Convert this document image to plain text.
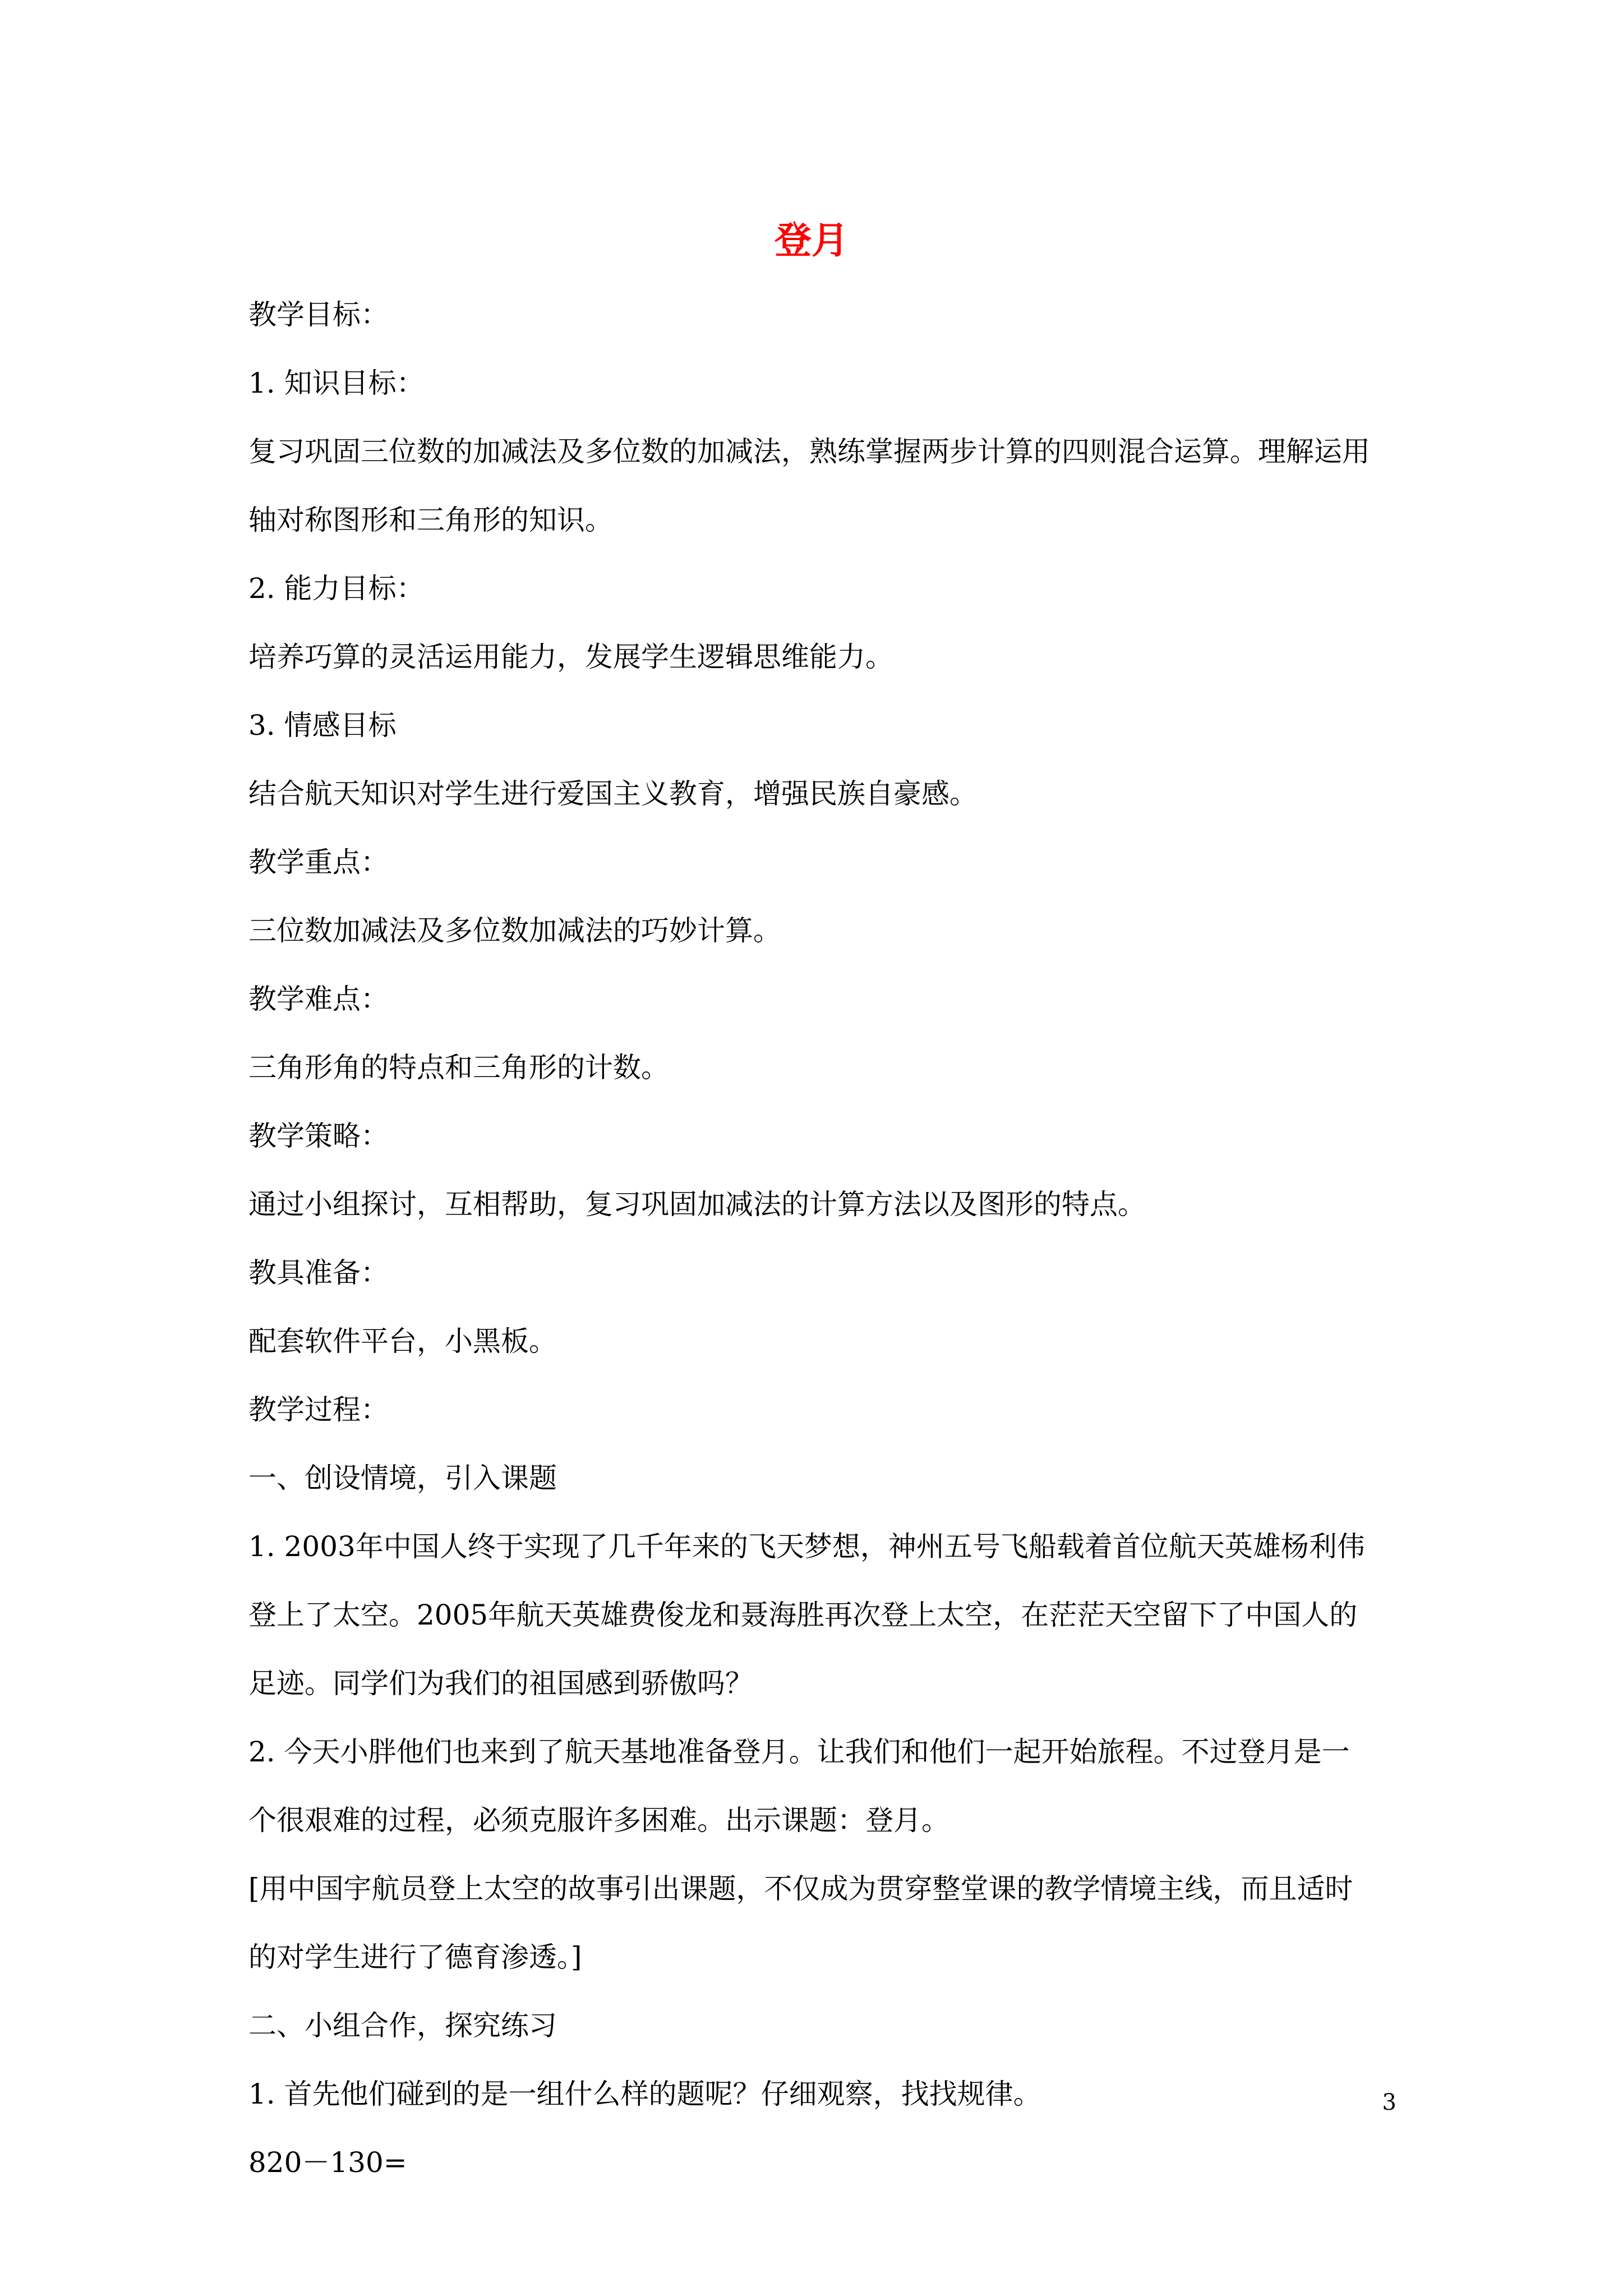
登月

教学目标：

1. 知识目标：

复习巩固三位数的加减法及多位数的加减法，熟练掌握两步计算的四则混合运算。理解运用

轴对称图形和三角形的知识。

2. 能力目标：

培养巧算的灵活运用能力，发展学生逻辑思维能力。

3. 情感目标

结合航天知识对学生进行爱国主义教育，增强民族自豪感。

教学重点：

三位数加减法及多位数加减法的巧妙计算。

教学难点：

三角形角的特点和三角形的计数。

教学策略：

通过小组探讨，互相帮助，复习巩固加减法的计算方法以及图形的特点。

教具准备：

配套软件平台，小黑板。

教学过程：

一、创设情境，引入课题

1. 2003年中国人终于实现了几千年来的飞天梦想，神州五号飞船载着首位航天英雄杨利伟

登上了太空。2005年航天英雄费俊龙和聂海胜再次登上太空，在茫茫天空留下了中国人的

足迹。同学们为我们的祖国感到骄傲吗？

2. 今天小胖他们也来到了航天基地准备登月。让我们和他们一起开始旅程。不过登月是一

个很艰难的过程，必须克服许多困难。出示课题：登月。

[用中国宇航员登上太空的故事引出课题，不仅成为贯穿整堂课的教学情境主线，而且适时

的对学生进行了德育渗透。]

二、小组合作，探究练习

1. 首先他们碰到的是一组什么样的题呢？仔细观察，找找规律。

820－130=

3
